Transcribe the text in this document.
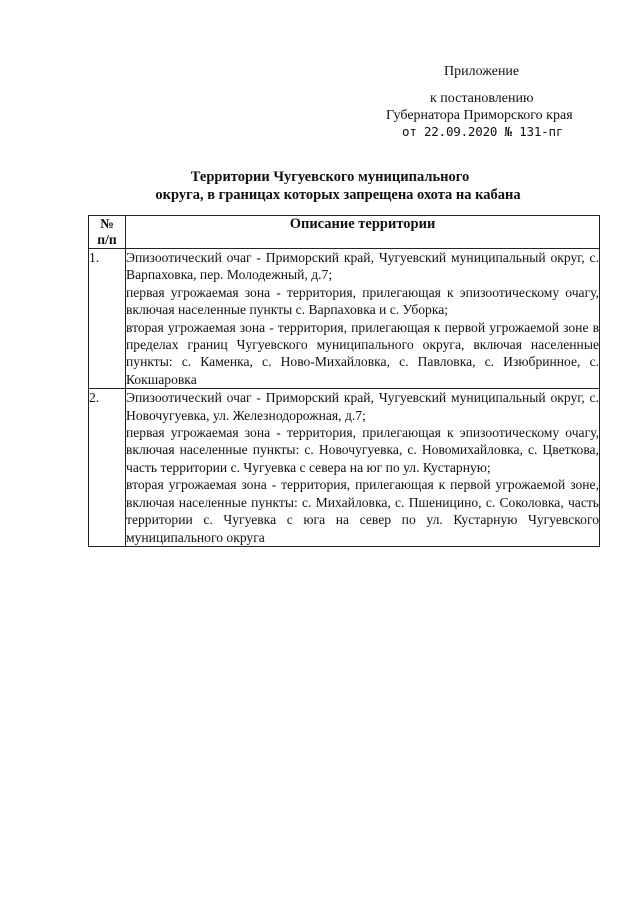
Приложение
к постановлению
Губернатора Приморского края
от 22.09.2020 № 131-пг
Территории Чугуевского муниципального
округа, в границах которых запрещена охота на кабана
№
п/п	Описание территории
1.	Эпизоотический очаг - Приморский край, Чугуевский муниципальный округ, с. Варпаховка, пер. Молодежный, д.7;

первая угрожаемая зона - территория, прилегающая к эпизоотическому очагу, включая населенные пункты с. Варпаховка и с. Уборка;

вторая угрожаемая зона - территория, прилегающая к первой угрожаемой зоне в пределах границ Чугуевского муниципального округа, включая населенные пункты: с. Каменка, с. Ново-Михайловка, с. Павловка, с. Изюбринное, с. Кокшаровка

2.	Эпизоотический очаг - Приморский край, Чугуевский муниципальный округ, с. Новочугуевка, ул. Железнодорожная, д.7;

первая угрожаемая зона - территория, прилегающая к эпизоотическому очагу, включая населенные пункты: с. Новочугуевка, с. Новомихайловка, с. Цветкова, часть территории с. Чугуевка с севера на юг по ул. Кустарную;

вторая угрожаемая зона - территория, прилегающая к первой угрожаемой зоне, включая населенные пункты: с. Михайловка, с. Пшеницино, с. Соколовка, часть территории с. Чугуевка с юга на север по ул. Кустарную Чугуевского муниципального округа
